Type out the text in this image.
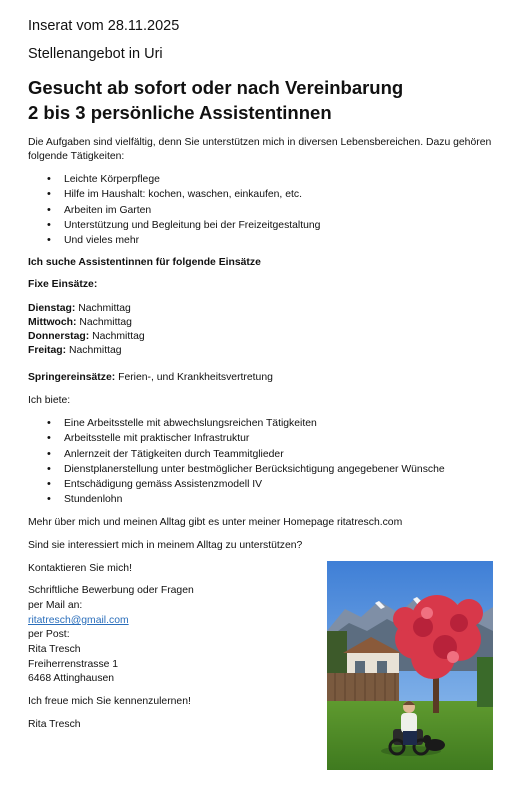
Inserat vom 28.11.2025
Stellenangebot in Uri
Gesucht ab sofort oder nach Vereinbarung
2 bis 3 persönliche Assistentinnen
Die Aufgaben sind vielfältig, denn Sie unterstützen mich in diversen Lebensbereichen. Dazu gehören folgende Tätigkeiten:
• Leichte Körperpflege
• Hilfe im Haushalt: kochen, waschen, einkaufen, etc.
• Arbeiten im Garten
• Unterstützung und Begleitung bei der Freizeitgestaltung
• Und vieles mehr
Ich suche Assistentinnen für folgende Einsätze
Fixe Einsätze:
Dienstag: Nachmittag
Mittwoch: Nachmittag
Donnerstag: Nachmittag
Freitag: Nachmittag
Springereinsätze: Ferien-, und Krankheitsvertretung
Ich biete:
• Eine Arbeitsstelle mit abwechslungsreichen Tätigkeiten
• Arbeitsstelle mit praktischer Infrastruktur
• Anlernzeit der Tätigkeiten durch Teammitglieder
• Dienstplanerstellung unter bestmöglicher Berücksichtigung angegebener Wünsche
• Entschädigung gemäss Assistenzmodell IV
• Stundenlohn
Mehr über mich und meinen Alltag gibt es unter meiner Homepage ritatresch.com
Sind sie interessiert mich in meinem Alltag zu unterstützen?
Kontaktieren Sie mich!
Schriftliche Bewerbung oder Fragen
per Mail an:
ritatresch@gmail.com
per Post:
Rita Tresch
Freiherrenstrasse 1
6468 Attinghausen
Ich freue mich Sie kennenzulernen!
Rita Tresch
